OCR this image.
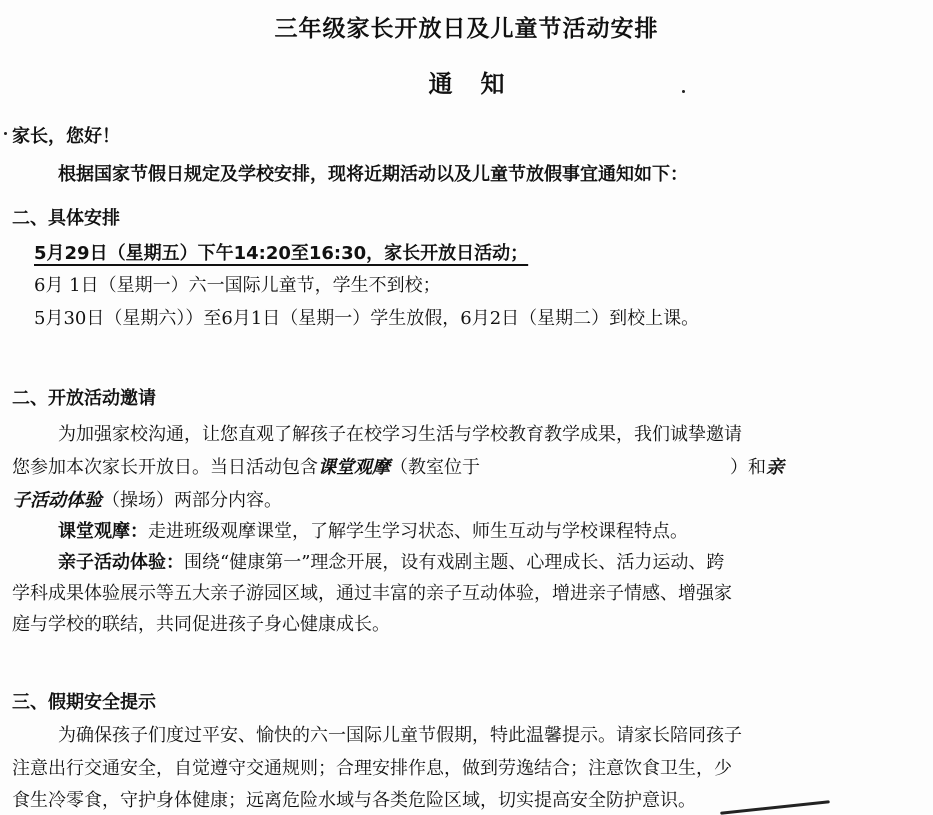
三年级家长开放日及儿童节活动安排
通知
家长，您好！
根据国家节假日规定及学校安排，现将近期活动以及儿童节放假事宜通知如下：
二、具体安排
5月29日（星期五）下午14:20至16:30，家长开放日活动；
6月 1日（星期一）六一国际儿童节，学生不到校；
5月30日（星期六））至6月1日（星期一）学生放假，6月2日（星期二）到校上课。
二、开放活动邀请
为加强家校沟通，让您直观了解孩子在校学习生活与学校教育教学成果，我们诚挚邀请
您参加本次家长开放日。当日活动包含课堂观摩（教室位于	）和亲
子活动体验（操场）两部分内容。
课堂观摩：走进班级观摩课堂，了解学生学习状态、师生互动与学校课程特点。
亲子活动体验：围绕“健康第一”理念开展，设有戏剧主题、心理成长、活力运动、跨
学科成果体验展示等五大亲子游园区域，通过丰富的亲子互动体验，增进亲子情感、增强家
庭与学校的联结，共同促进孩子身心健康成长。
三、假期安全提示
为确保孩子们度过平安、愉快的六一国际儿童节假期，特此温馨提示。请家长陪同孩子
注意出行交通安全，自觉遵守交通规则；合理安排作息，做到劳逸结合；注意饮食卫生，少
食生冷零食，守护身体健康；远离危险水域与各类危险区域，切实提高安全防护意识。
